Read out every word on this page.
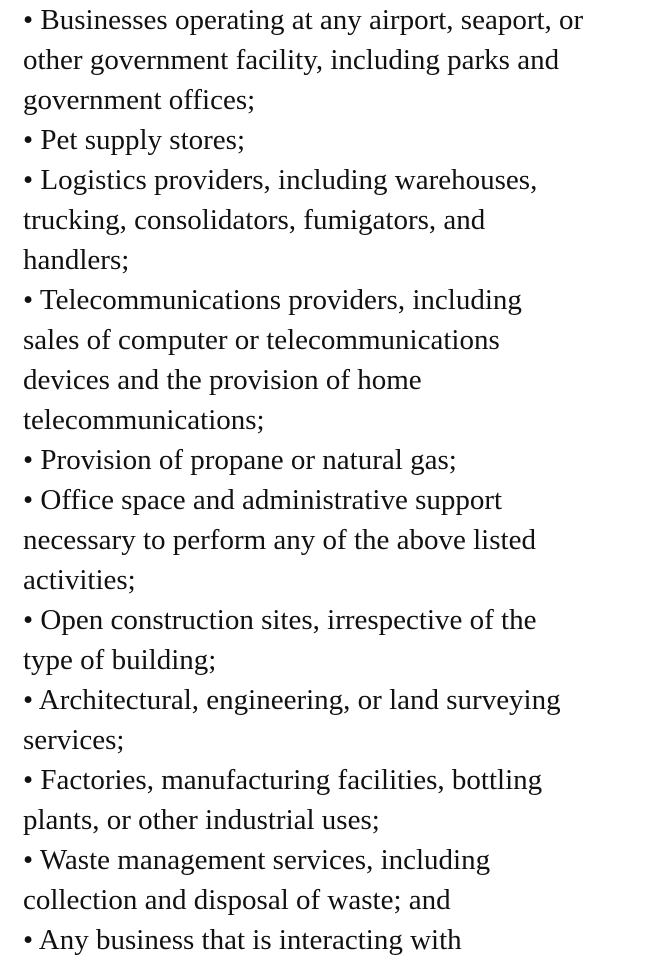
• Businesses operating at any airport, seaport, or
other government facility, including parks and
government offices;
• Pet supply stores;
• Logistics providers, including warehouses,
trucking, consolidators, fumigators, and
handlers;
• Telecommunications providers, including
sales of computer or telecommunications
devices and the provision of home
telecommunications;
• Provision of propane or natural gas;
• Office space and administrative support
necessary to perform any of the above listed
activities;
• Open construction sites, irrespective of the
type of building;
• Architectural, engineering, or land surveying
services;
• Factories, manufacturing facilities, bottling
plants, or other industrial uses;
• Waste management services, including
collection and disposal of waste; and
• Any business that is interacting with
